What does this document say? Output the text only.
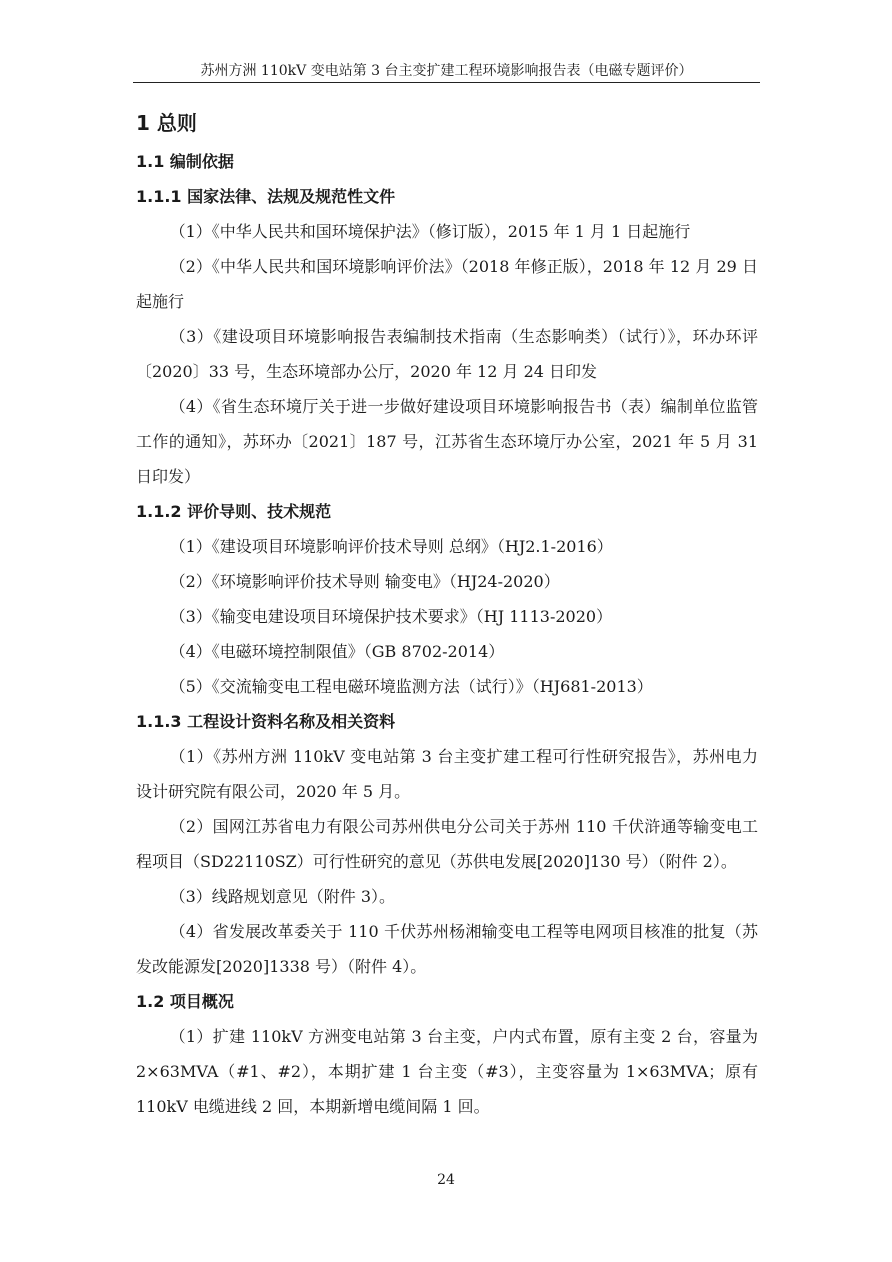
苏州方洲 110kV 变电站第 3 台主变扩建工程环境影响报告表（电磁专题评价）
1 总则
1.1 编制依据
1.1.1 国家法律、法规及规范性文件

（1）《中华人民共和国环境保护法》（修订版），2015 年 1 月 1 日起施行

（2）《中华人民共和国环境影响评价法》（2018 年修正版），2018 年 12 月 29 日起施行

（3）《建设项目环境影响报告表编制技术指南（生态影响类）（试行）》，环办环评〔2020〕33 号，生态环境部办公厅，2020 年 12 月 24 日印发

（4）《省生态环境厅关于进一步做好建设项目环境影响报告书（表）编制单位监管工作的通知》，苏环办〔2021〕187 号，江苏省生态环境厅办公室，2021 年 5 月 31 日印发）

1.1.2 评价导则、技术规范

（1）《建设项目环境影响评价技术导则 总纲》（HJ2.1-2016）

（2）《环境影响评价技术导则 输变电》（HJ24-2020）

（3）《输变电建设项目环境保护技术要求》（HJ 1113-2020）

（4）《电磁环境控制限值》（GB 8702-2014）

（5）《交流输变电工程电磁环境监测方法（试行）》（HJ681-2013）

1.1.3 工程设计资料名称及相关资料

（1）《苏州方洲 110kV 变电站第 3 台主变扩建工程可行性研究报告》，苏州电力设计研究院有限公司，2020 年 5 月。

（2）国网江苏省电力有限公司苏州供电分公司关于苏州 110 千伏浒通等输变电工程项目（SD22110SZ）可行性研究的意见（苏供电发展[2020]130 号）（附件 2）。

（3）线路规划意见（附件 3）。

（4）省发展改革委关于 110 千伏苏州杨湘输变电工程等电网项目核准的批复（苏发改能源发[2020]1338 号）（附件 4）。

1.2 项目概况

（1）扩建 110kV 方洲变电站第 3 台主变，户内式布置，原有主变 2 台，容量为 2×63MVA（#1、#2），本期扩建 1 台主变（#3），主变容量为 1×63MVA；原有 110kV 电缆进线 2 回，本期新增电缆间隔 1 回。

24
